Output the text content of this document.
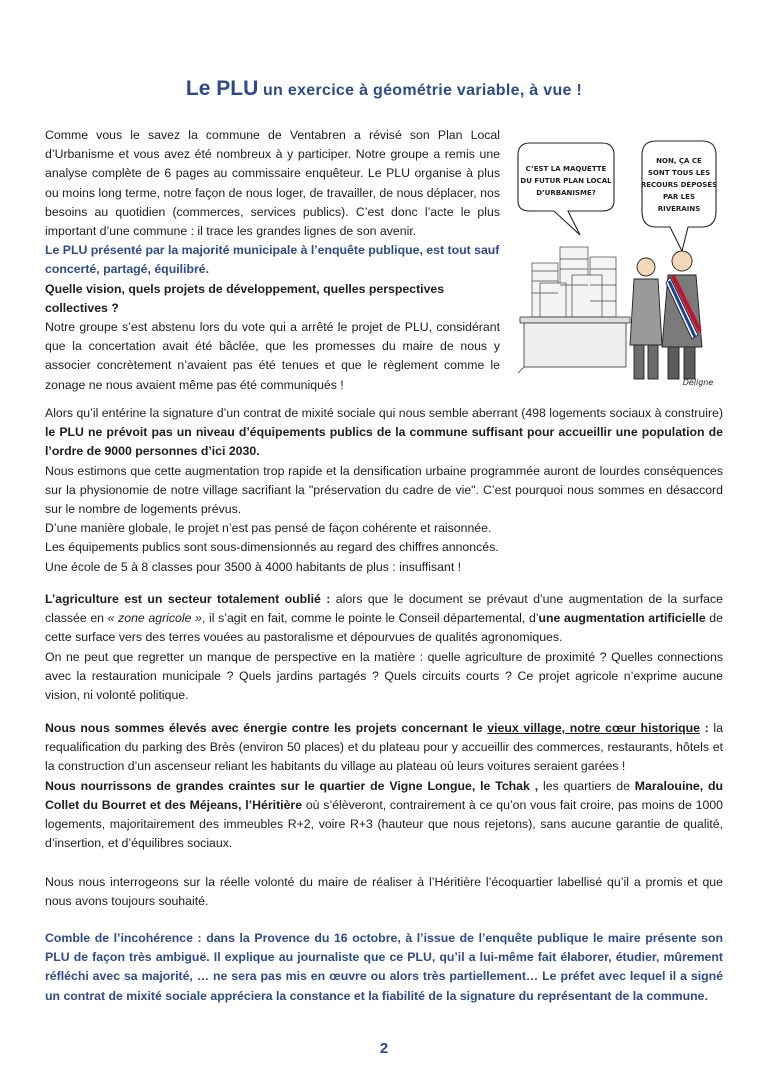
Le PLU un exercice à géométrie variable, à vue !
Comme vous le savez la commune de Ventabren a révisé son Plan Local d’Urbanisme et vous avez été nombreux à y participer. Notre groupe a remis une analyse complète de 6 pages au commissaire enquêteur. Le PLU organise à plus ou moins long terme, notre façon de nous loger, de travailler, de nous déplacer, nos besoins au quotidien (commerces, services publics). C’est donc l’acte le plus important d’une commune : il trace les grandes lignes de son avenir.
Le PLU présenté par la majorité municipale à l’enquête publique, est tout sauf concerté, partagé, équilibré.
Quelle vision, quels projets de développement, quelles perspectives collectives ?
Notre groupe s’est abstenu lors du vote qui a arrêté le projet de PLU, considérant que la concertation avait été bâclée, que les promesses du maire de nous y associer concrètement n’avaient pas été tenues et que le règlement comme le zonage ne nous avaient même pas été communiqués !
C’EST LA MAQUETTE
DU FUTUR PLAN LOCAL
D’URBANISME?
NON, ÇA CE
SONT TOUS LES
RECOURS DÉPOSÉS
PAR LES
RIVERAINS
Deligne
Alors qu’il entérine la signature d’un contrat de mixité sociale qui nous semble aberrant (498 logements sociaux à construire) le PLU ne prévoit pas un niveau d’équipements publics de la commune suffisant pour accueillir une population de l’ordre de 9000 personnes d’ici 2030.
Nous estimons que cette augmentation trop rapide et la densification urbaine programmée auront de lourdes conséquences sur la physionomie de notre village sacrifiant la "préservation du cadre de vie". C’est pourquoi nous sommes en désaccord sur le nombre de logements prévus.
D’une manière globale, le projet n’est pas pensé de façon cohérente et raisonnée.
Les équipements publics sont sous-dimensionnés au regard des chiffres annoncés.
Une école de 5 à 8 classes pour 3500 à 4000 habitants de plus : insuffisant !
L’agriculture est un secteur totalement oublié : alors que le document se prévaut d’une augmentation de la surface classée en « zone agricole », il s’agit en fait, comme le pointe le Conseil départemental, d’une augmentation artificielle de cette surface vers des terres vouées au pastoralisme et dépourvues de qualités agronomiques.
On ne peut que regretter un manque de perspective en la matière : quelle agriculture de proximité ? Quelles connections avec la restauration municipale ? Quels jardins partagés ? Quels circuits courts ? Ce projet agricole n’exprime aucune vision, ni volonté politique.
Nous nous sommes élevés avec énergie contre les projets concernant le vieux village, notre cœur historique : la requalification du parking des Brès (environ 50 places) et du plateau pour y accueillir des commerces, restaurants, hôtels et la construction d’un ascenseur reliant les habitants du village au plateau où leurs voitures seraient garées !
Nous nourrissons de grandes craintes sur le quartier de Vigne Longue, le Tchak , les quartiers de Maralouine, du Collet du Bourret et des Méjeans, l’Héritière où s’élèveront, contrairement à ce qu’on vous fait croire, pas moins de 1000 logements, majoritairement des immeubles R+2, voire R+3 (hauteur que nous rejetons), sans aucune garantie de qualité, d’insertion, et d’équilibres sociaux.
Nous nous interrogeons sur la réelle volonté du maire de réaliser à l’Héritière l’écoquartier labellisé qu’il a promis et que nous avons toujours souhaité.
Comble de l’incohérence : dans la Provence du 16 octobre, à l’issue de l’enquête publique le maire présente son PLU de façon très ambiguë. Il explique au journaliste que ce PLU, qu’il a lui-même fait élaborer, étudier, mûrement réfléchi avec sa majorité, … ne sera pas mis en œuvre ou alors très partiellement… Le préfet avec lequel il a signé un contrat de mixité sociale appréciera la constance et la fiabilité de la signature du représentant de la commune.
2
